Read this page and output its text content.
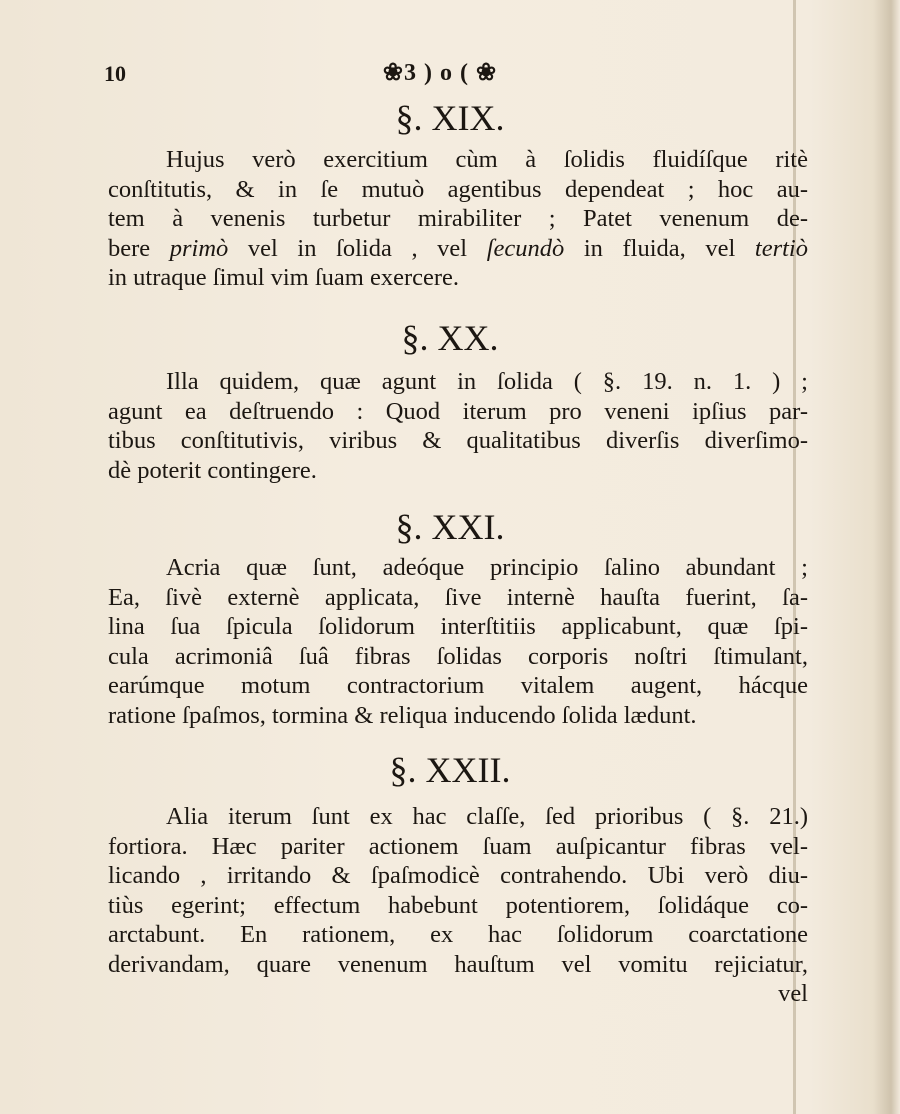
10	❀3 ) o ( ❀
§. XIX.
Hujus verò exercitium cùm à ſolidis fluidíſque ritè
conſtitutis, & in ſe mutuò agentibus dependeat ; hoc au-
tem à venenis turbetur mirabiliter ; Patet venenum de-
bere primò vel in ſolida , vel ſecundò in fluida, vel tertiò
in utraque ſimul vim ſuam exercere.
§. XX.
Illa quidem, quæ agunt in ſolida ( §. 19. n. 1. ) ;
agunt ea deſtruendo : Quod iterum pro veneni ipſius par-
tibus conſtitutivis, viribus & qualitatibus diverſis diverſimo-
dè poterit contingere.
§. XXI.
Acria quæ ſunt, adeóque principio ſalino abundant ;
Ea, ſivè externè applicata, ſive internè hauſta fuerint, ſa-
lina ſua ſpicula ſolidorum interſtitiis applicabunt, quæ ſpi-
cula acrimoniâ ſuâ fibras ſolidas corporis noſtri ſtimulant,
earúmque motum contractorium vitalem augent, hácque
ratione ſpaſmos, tormina & reliqua inducendo ſolida lædunt.
§. XXII.
Alia iterum ſunt ex hac claſſe, ſed prioribus ( §. 21.)
fortiora. Hæc pariter actionem ſuam auſpicantur fibras vel-
licando , irritando & ſpaſmodicè contrahendo. Ubi verò diu-
tiùs egerint; effectum habebunt potentiorem, ſolidáque co-
arctabunt. En rationem, ex hac ſolidorum coarctatione
derivandam, quare venenum hauſtum vel vomitu rejiciatur,
vel
